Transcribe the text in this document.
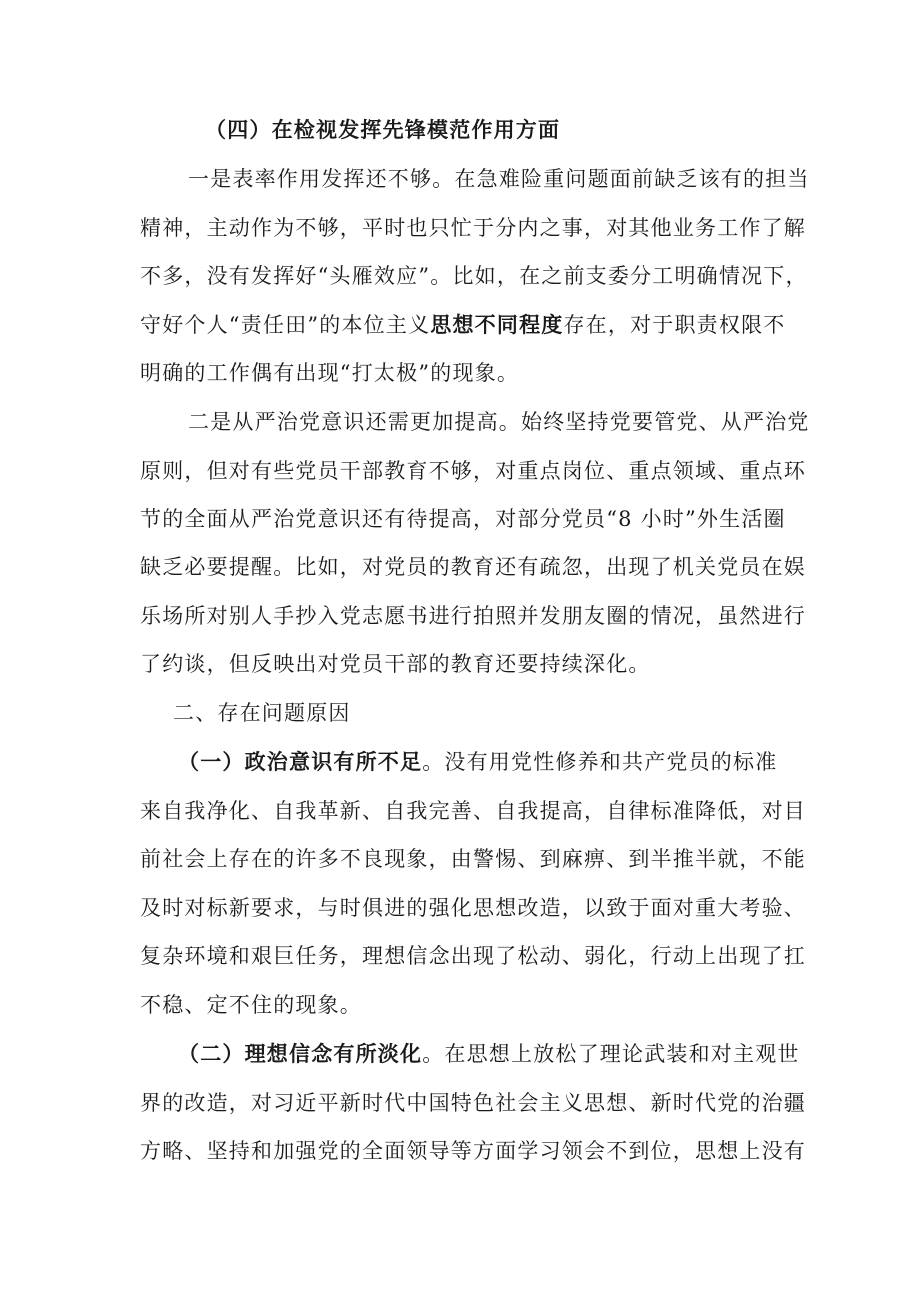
（四）在检视发挥先锋模范作用方面
一是表率作用发挥还不够。在急难险重问题面前缺乏该有的担当
精神，主动作为不够，平时也只忙于分内之事，对其他业务工作了解
不多，没有发挥好“头雁效应”。比如，在之前支委分工明确情况下，
守好个人“责任田”的本位主义思想不同程度存在，对于职责权限不
明确的工作偶有出现“打太极”的现象。
二是从严治党意识还需更加提高。始终坚持党要管党、从严治党
原则，但对有些党员干部教育不够，对重点岗位、重点领域、重点环
节的全面从严治党意识还有待提高，对部分党员“8 小时”外生活圈
缺乏必要提醒。比如，对党员的教育还有疏忽，出现了机关党员在娱
乐场所对别人手抄入党志愿书进行拍照并发朋友圈的情况，虽然进行
了约谈，但反映出对党员干部的教育还要持续深化。
二、存在问题原因
（一）政治意识有所不足。没有用党性修养和共产党员的标准
来自我净化、自我革新、自我完善、自我提高，自律标准降低，对目
前社会上存在的许多不良现象，由警惕、到麻痹、到半推半就，不能
及时对标新要求，与时俱进的强化思想改造，以致于面对重大考验、
复杂环境和艰巨任务，理想信念出现了松动、弱化，行动上出现了扛
不稳、定不住的现象。
（二）理想信念有所淡化。在思想上放松了理论武装和对主观世
界的改造，对习近平新时代中国特色社会主义思想、新时代党的治疆
方略、坚持和加强党的全面领导等方面学习领会不到位，思想上没有
